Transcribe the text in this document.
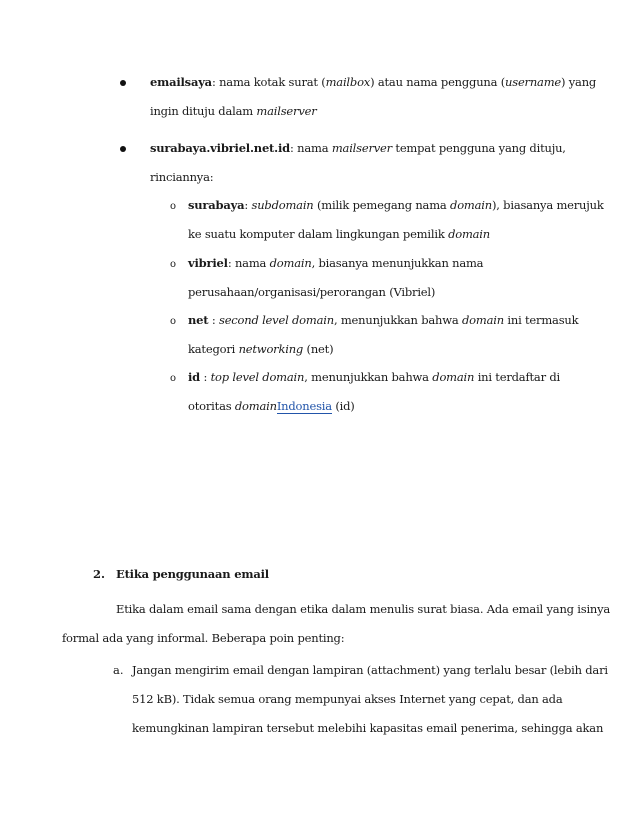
emailsaya: nama kotak surat (mailbox) atau nama pengguna (username) yang
ingin dituju dalam mailserver
surabaya.vibriel.net.id: nama mailserver tempat pengguna yang dituju,
rinciannya:
o surabaya: subdomain (milik pemegang nama domain), biasanya merujuk
ke suatu komputer dalam lingkungan pemilik domain
o vibriel: nama domain, biasanya menunjukkan nama
perusahaan/organisasi/perorangan (Vibriel)
o net : second level domain, menunjukkan bahwa domain ini termasuk
kategori networking (net)
o id : top level domain, menunjukkan bahwa domain ini terdaftar di
otoritas domainIndonesia (id)
2. Etika penggunaan email
Etika dalam email sama dengan etika dalam menulis surat biasa. Ada email yang isinya
formal ada yang informal. Beberapa poin penting:
a. Jangan mengirim email dengan lampiran (attachment) yang terlalu besar (lebih dari
512 kB). Tidak semua orang mempunyai akses Internet yang cepat, dan ada
kemungkinan lampiran tersebut melebihi kapasitas email penerima, sehingga akan
